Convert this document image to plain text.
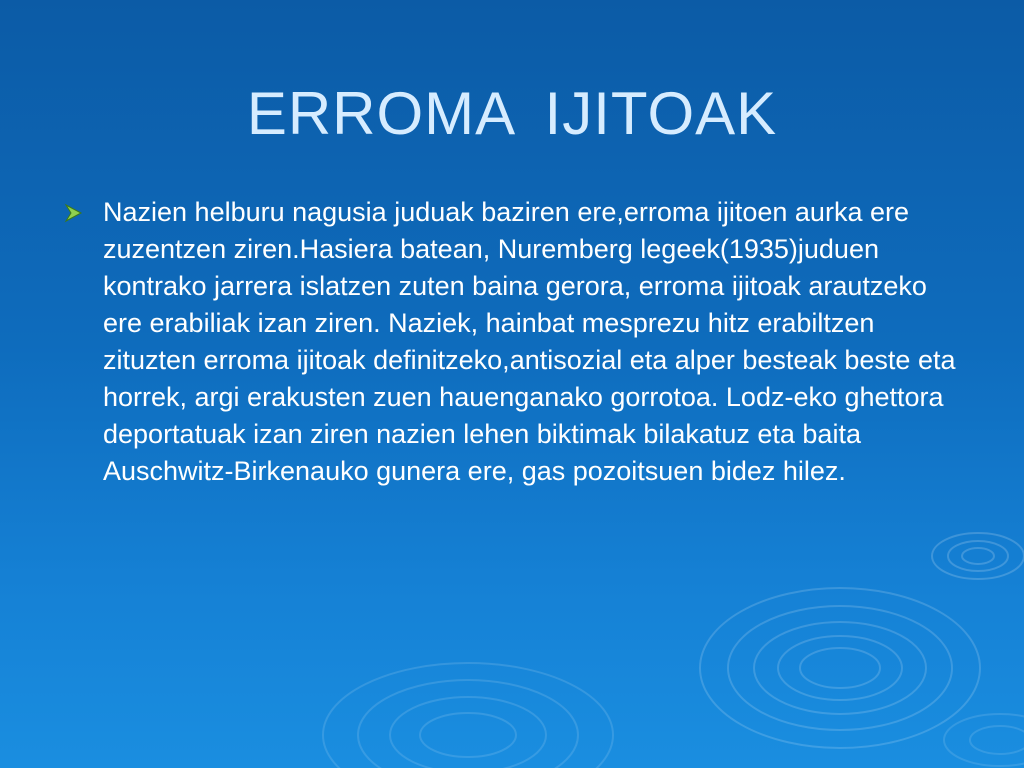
ERROMA IJITOAK
Nazien helburu nagusia juduak baziren ere,erroma ijitoen aurka ere zuzentzen ziren.Hasiera batean, Nuremberg legeek(1935)juduen kontrako jarrera islatzen zuten baina gerora, erroma ijitoak arautzeko ere erabiliak izan ziren. Naziek, hainbat mesprezu hitz erabiltzen zituzten erroma ijitoak definitzeko,antisozial eta alper besteak beste eta horrek, argi erakusten zuen hauenganako gorrotoa. Lodz-eko ghettora deportatuak izan ziren nazien lehen biktimak bilakatuz eta baita Auschwitz-Birkenauko gunera ere, gas pozoitsuen bidez hilez.
